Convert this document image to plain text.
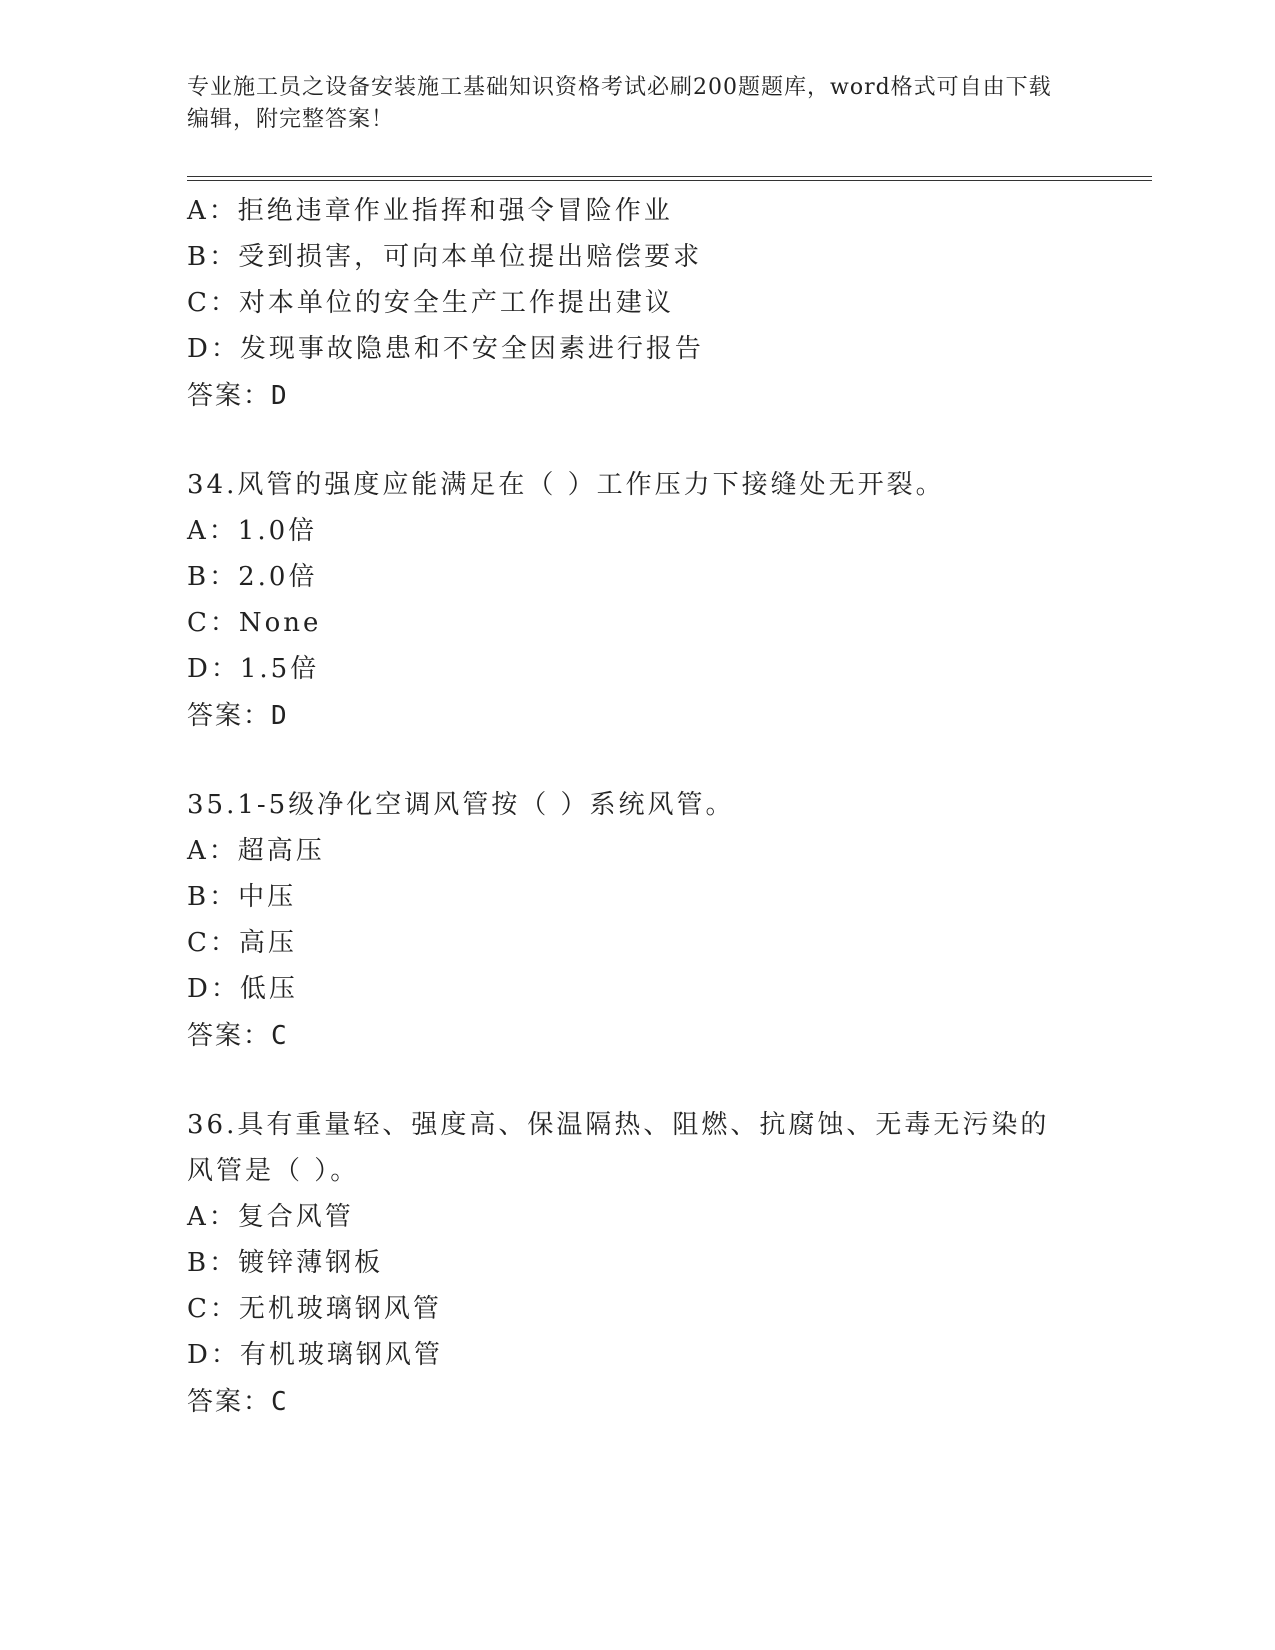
专业施工员之设备安装施工基础知识资格考试必刷200题题库，word格式可自由下载编辑，附完整答案！
A：拒绝违章作业指挥和强令冒险作业
B：受到损害，可向本单位提出赔偿要求
C：对本单位的安全生产工作提出建议
D：发现事故隐患和不安全因素进行报告
答案：D
34.风管的强度应能满足在（ ）工作压力下接缝处无开裂。
A：1.0倍
B：2.0倍
C：None
D：1.5倍
答案：D
35.1-5级净化空调风管按（ ）系统风管。
A：超高压
B：中压
C：高压
D：低压
答案：C
36.具有重量轻、强度高、保温隔热、阻燃、抗腐蚀、无毒无污染的风管是（ ）。
A：复合风管
B：镀锌薄钢板
C：无机玻璃钢风管
D：有机玻璃钢风管
答案：C
